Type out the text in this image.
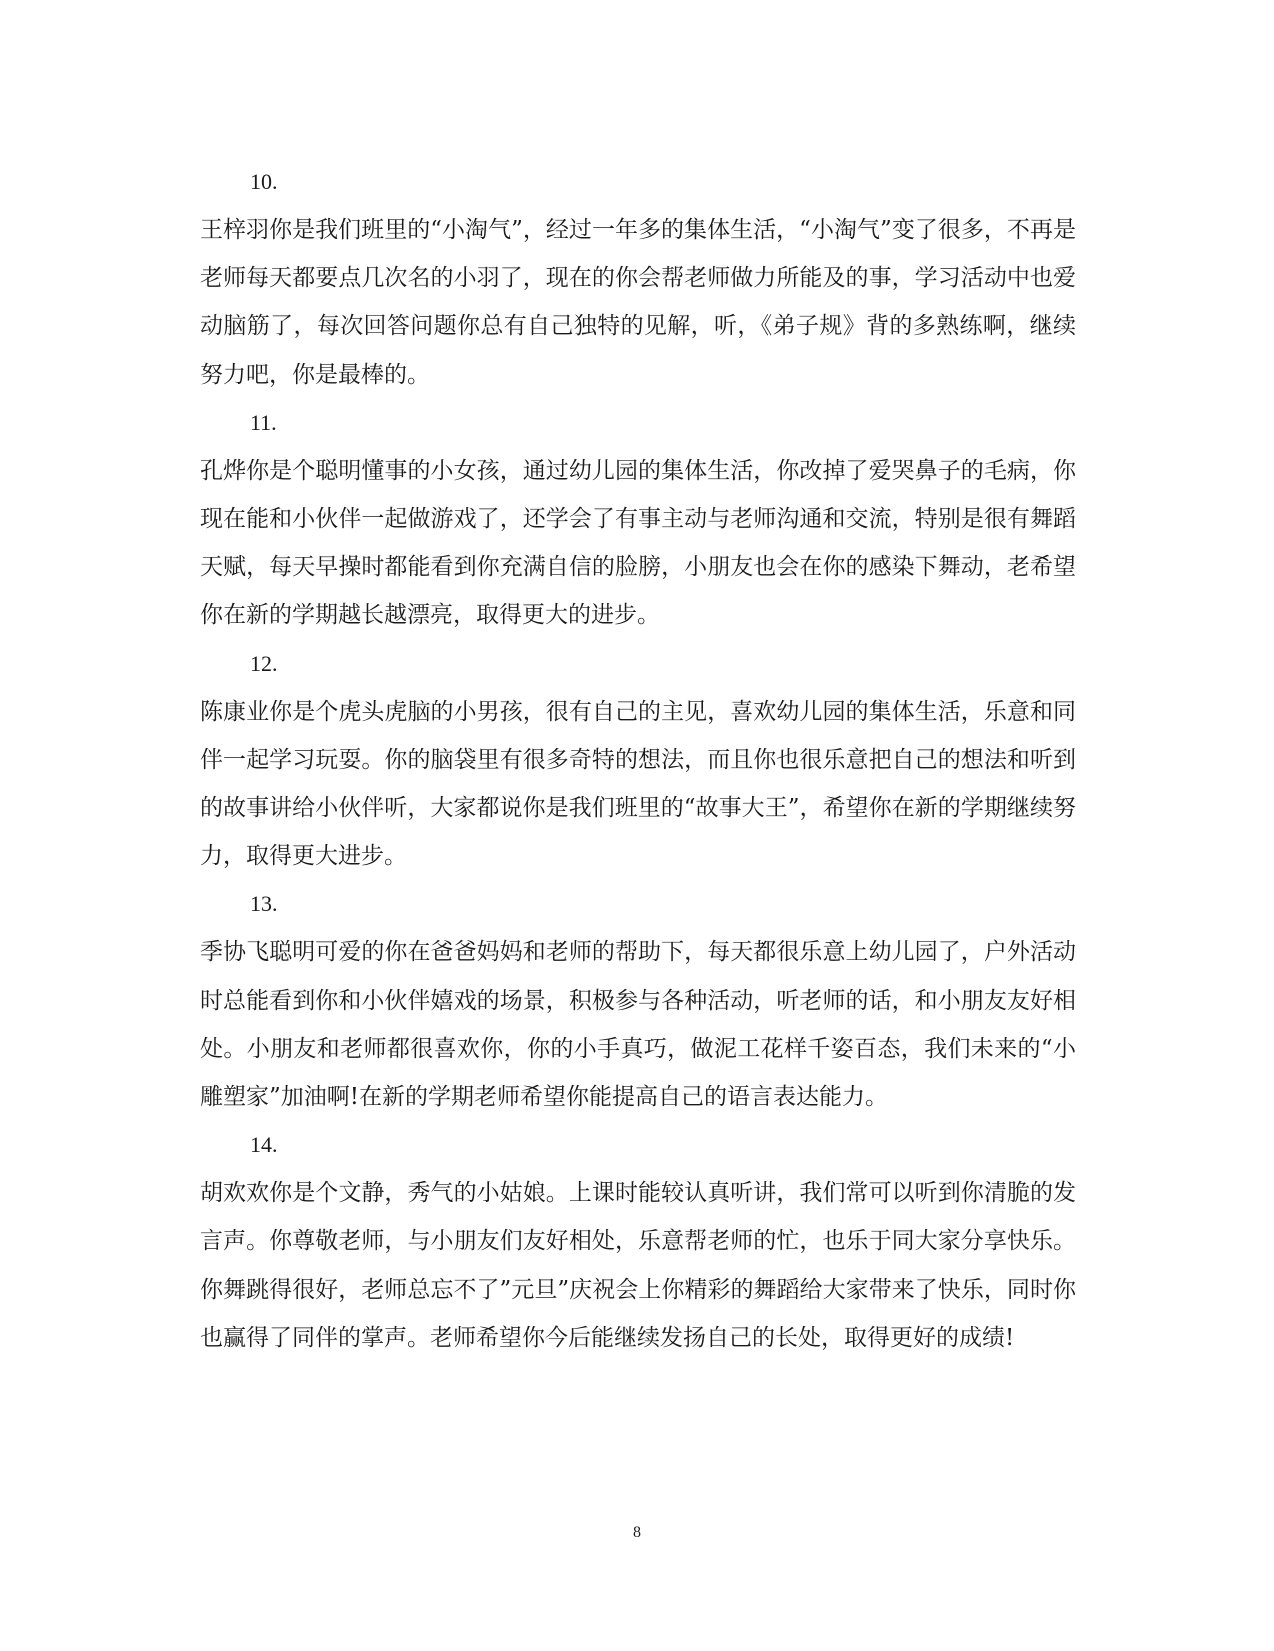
10.

王梓羽你是我们班里的“小淘气”，经过一年多的集体生活，“小淘气”变了很多，不再是老师每天都要点几次名的小羽了，现在的你会帮老师做力所能及的事，学习活动中也爱动脑筋了，每次回答问题你总有自己独特的见解，听，《弟子规》背的多熟练啊，继续努力吧，你是最棒的。

11.

孔烨你是个聪明懂事的小女孩，通过幼儿园的集体生活，你改掉了爱哭鼻子的毛病，你现在能和小伙伴一起做游戏了，还学会了有事主动与老师沟通和交流，特别是很有舞蹈天赋，每天早操时都能看到你充满自信的脸膀，小朋友也会在你的感染下舞动，老希望你在新的学期越长越漂亮，取得更大的进步。

12.

陈康业你是个虎头虎脑的小男孩，很有自己的主见，喜欢幼儿园的集体生活，乐意和同伴一起学习玩耍。你的脑袋里有很多奇特的想法，而且你也很乐意把自己的想法和听到的故事讲给小伙伴听，大家都说你是我们班里的“故事大王”，希望你在新的学期继续努力，取得更大进步。

13.

季协飞聪明可爱的你在爸爸妈妈和老师的帮助下，每天都很乐意上幼儿园了，户外活动时总能看到你和小伙伴嬉戏的场景，积极参与各种活动，听老师的话，和小朋友友好相处。小朋友和老师都很喜欢你，你的小手真巧，做泥工花样千姿百态，我们未来的“小雕塑家”加油啊!在新的学期老师希望你能提高自己的语言表达能力。

14.

胡欢欢你是个文静，秀气的小姑娘。上课时能较认真听讲，我们常可以听到你清脆的发言声。你尊敬老师，与小朋友们友好相处，乐意帮老师的忙，也乐于同大家分享快乐。你舞跳得很好，老师总忘不了”元旦”庆祝会上你精彩的舞蹈给大家带来了快乐，同时你也赢得了同伴的掌声。老师希望你今后能继续发扬自己的长处，取得更好的成绩!

8
